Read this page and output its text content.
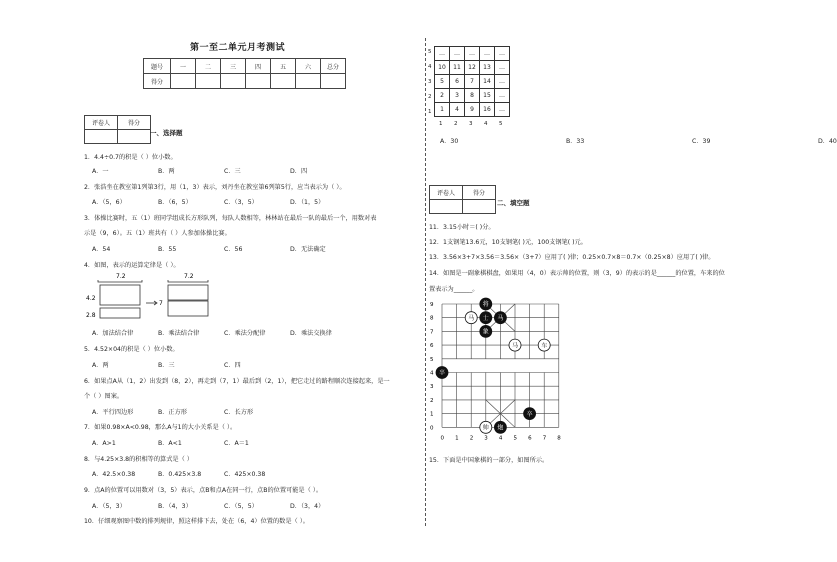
第一至二单元月考测试
题号	一	二	三	四	五	六	总分
得分							
评卷人	得分

一、选择题
1．4.4÷0.7的积是（ ）位小数。
A．一	B．两	C．三	D．四
2．张浩坐在教室第1列第3行，用（1，3）表示，刘丹坐在教室第6列第5行，应当表示为（ ）。
A．（5，6）	B．（6，5）	C．（3，5）	D．（1，5）
3．体操比赛时，五（1）班同学组成长方形队列，每队人数相等，林林站在最后一队的最后一个，用数对表
示是（9，6）。五（1）班共有（ ）人参加体操比赛。
A．54	B．55	C．56	D．无法确定
4．如图，表示的运算定律是（ ）。
7.2
4.2
2.8
7
7.2
A．加法结合律	B．乘法结合律	C．乘法分配律	D．乘法交换律
5．4.52×04的积是（ ）位小数。
A．两	B．三	C．四
6．如果点A从（1，2）出发到（8，2），再走到（7，1）最后到（2，1），把它走过的路程顺次连接起来，是一
个（ ）图案。
A．平行四边形	B．正方形	C．长方形
7．如果0.98×A<0.98，那么A与1的大小关系是（ ）。
A．A>1	B．A<1	C．A＝1
8．与4.25×3.8的积相等的算式是（ ）
A．42.5×0.38	B．0.425×3.8	C．425×0.38
9．点A的位置可以用数对（3，5）表示，点B和点A在同一行，点B的位置可能是（ ）。
A．（5，3）	B．（4，3）	C．（5，5）	D．（3，4）
10．仔细观察图中数的排列规律，照这样排下去，处在（6，4）位置的数是（ ）。
5
4
3
2
1
…	…	…	…	…
10	11	12	13	…
5	6	7	14	…
2	3	8	15	…
1	4	9	16	…
1 2 3 4 5
A．30	B．33	C．39	D．40
评卷人	得分

二、填空题
11．3.15小时＝( )分。
12．1支钢笔13.6元，10支钢笔( )元，100支钢笔( )元。
13．3.56×3+7×3.56＝3.56×（3+7）应用了( )律；0.25×0.7×8＝0.7×（0.25×8）应用了( )律。
14．如图是一副象棋棋盘，如果用（4，0）表示帅的位置，则（3，9）的表示的是______的位置，车来的位
置表示为______。
9
8
7
6
5
4
3
2
1
0
0 1 2 3 4 5 6 7 8
将
马 士 马
象
马	车
卒
卒
帅 炮
15．下面是中国象棋的一部分，如图所示。
